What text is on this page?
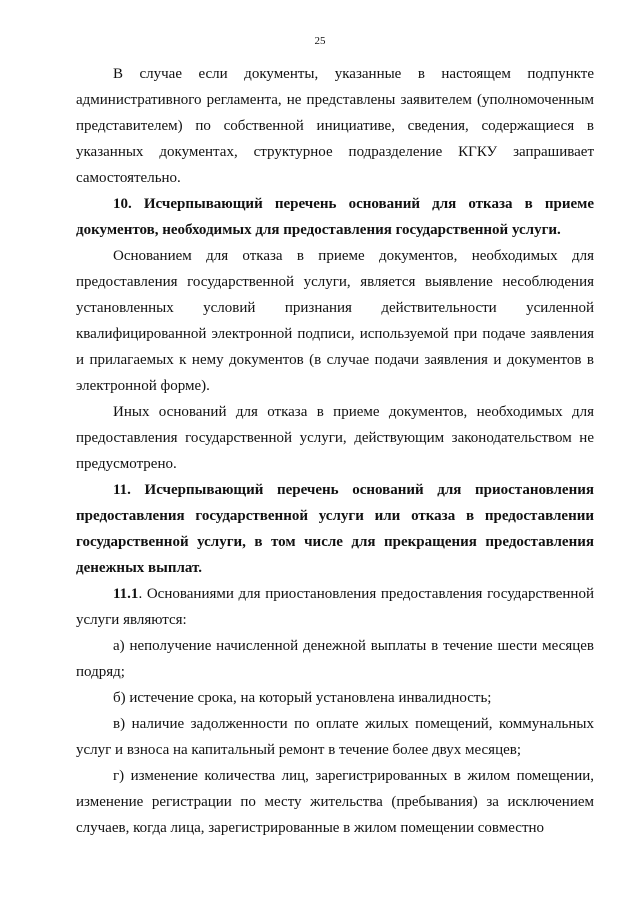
25

В случае если документы, указанные в настоящем подпункте административного регламента, не представлены заявителем (уполномоченным представителем) по собственной инициативе, сведения, содержащиеся в указанных документах, структурное подразделение КГКУ запрашивает самостоятельно.

10. Исчерпывающий перечень оснований для отказа в приеме документов, необходимых для предоставления государственной услуги.

Основанием для отказа в приеме документов, необходимых для предоставления государственной услуги, является выявление несоблюдения установленных условий признания действительности усиленной квалифицированной электронной подписи, используемой при подаче заявления и прилагаемых к нему документов (в случае подачи заявления и документов в электронной форме).

Иных оснований для отказа в приеме документов, необходимых для предоставления государственной услуги, действующим законодательством не предусмотрено.

11. Исчерпывающий перечень оснований для приостановления предоставления государственной услуги или отказа в предоставлении государственной услуги, в том числе для прекращения предоставления денежных выплат.

11.1. Основаниями для приостановления предоставления государственной услуги являются:

а) неполучение начисленной денежной выплаты в течение шести месяцев подряд;

б) истечение срока, на который установлена инвалидность;

в) наличие задолженности по оплате жилых помещений, коммунальных услуг и взноса на капитальный ремонт в течение более двух месяцев;

г) изменение количества лиц, зарегистрированных в жилом помещении, изменение регистрации по месту жительства (пребывания) за исключением случаев, когда лица, зарегистрированные в жилом помещении совместно
